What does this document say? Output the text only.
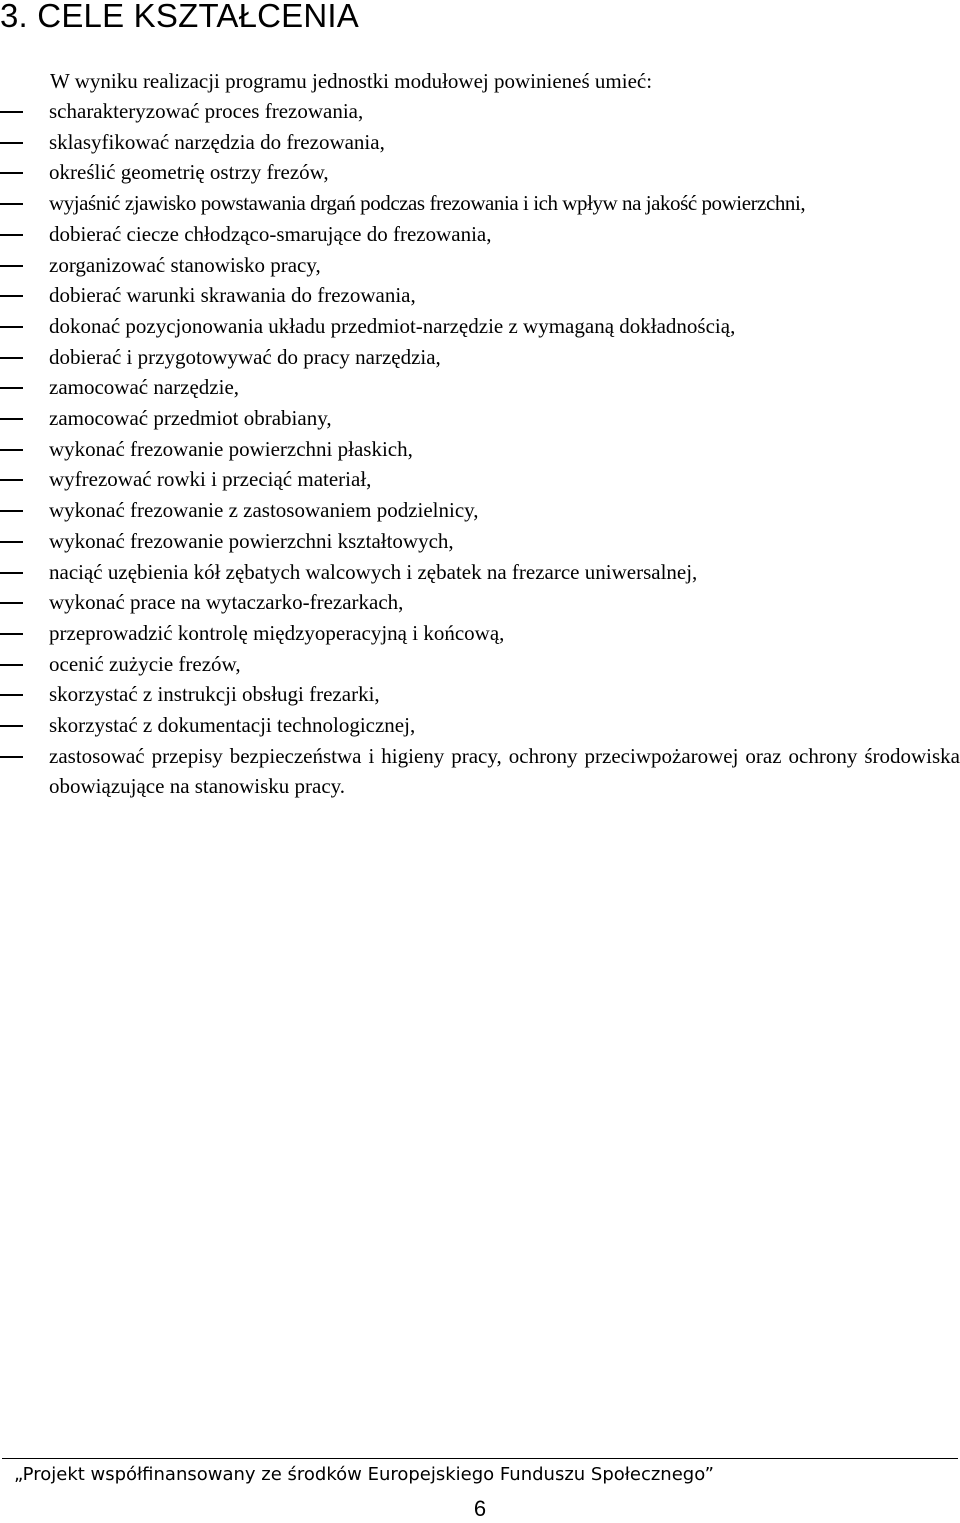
3. CELE KSZTAŁCENIA

W wyniku realizacji programu jednostki modułowej powinieneś umieć:

scharakteryzować proces frezowania,
sklasyfikować narzędzia do frezowania,
określić geometrię ostrzy frezów,
wyjaśnić zjawisko powstawania drgań podczas frezowania i ich wpływ na jakość powierzchni,
dobierać ciecze chłodząco-smarujące do frezowania,
zorganizować stanowisko pracy,
dobierać warunki skrawania do frezowania,
dokonać pozycjonowania układu przedmiot-narzędzie z wymaganą dokładnością,
dobierać i przygotowywać do pracy narzędzia,
zamocować narzędzie,
zamocować przedmiot obrabiany,
wykonać frezowanie powierzchni płaskich,
wyfrezować rowki i przeciąć materiał,
wykonać frezowanie z zastosowaniem podzielnicy,
wykonać frezowanie powierzchni kształtowych,
naciąć uzębienia kół zębatych walcowych i zębatek na frezarce uniwersalnej,
wykonać prace na wytaczarko-frezarkach,
przeprowadzić kontrolę międzyoperacyjną i końcową,
ocenić zużycie frezów,
skorzystać z instrukcji obsługi frezarki,
skorzystać z dokumentacji technologicznej,
zastosować przepisy bezpieczeństwa i higieny pracy, ochrony przeciwpożarowej oraz ochrony środowiska obowiązujące na stanowisku pracy.

„Projekt współfinansowany ze środków Europejskiego Funduszu Społecznego”

6
